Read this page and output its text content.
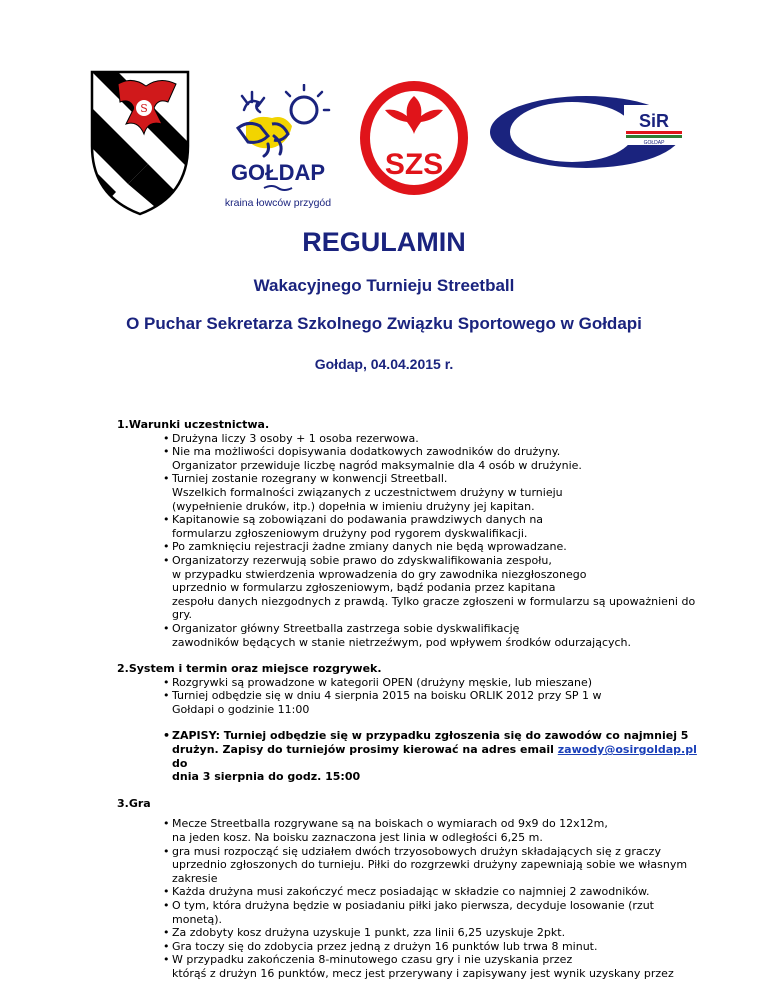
S
GOŁDAP
kraina łowców przygód
SZS
SiR
GOŁDAP
REGULAMIN
Wakacyjnego Turnieju Streetball
O Puchar Sekretarza Szkolnego Związku Sportowego w Gołdapi
Gołdap, 04.04.2015 r.

1.Warunki uczestnictwa.

• Drużyna liczy 3 osoby + 1 osoba rezerwowa.
• Nie ma możliwości dopisywania dodatkowych zawodników do drużyny.
Organizator przewiduje liczbę nagród maksymalnie dla 4 osób w drużynie.
• Turniej zostanie rozegrany w konwencji Streetball.
Wszelkich formalności związanych z uczestnictwem drużyny w turnieju
(wypełnienie druków, itp.) dopełnia w imieniu drużyny jej kapitan.
• Kapitanowie są zobowiązani do podawania prawdziwych danych na
formularzu zgłoszeniowym drużyny pod rygorem dyskwalifikacji.
• Po zamknięciu rejestracji żadne zmiany danych nie będą wprowadzane.
• Organizatorzy rezerwują sobie prawo do zdyskwalifikowania zespołu,
w przypadku stwierdzenia wprowadzenia do gry zawodnika niezgłoszonego
uprzednio w formularzu zgłoszeniowym, bądź podania przez kapitana
zespołu danych niezgodnych z prawdą. Tylko gracze zgłoszeni w formularzu są upoważnieni do
gry.
• Organizator główny Streetballa zastrzega sobie dyskwalifikację
zawodników będących w stanie nietrzeźwym, pod wpływem środków odurzających.

2.System i termin oraz miejsce rozgrywek.

• Rozgrywki są prowadzone w kategorii OPEN (drużyny męskie, lub mieszane)
• Turniej odbędzie się w dniu 4 sierpnia 2015 na boisku ORLIK 2012 przy SP 1 w
Gołdapi o godzinie 11:00
• ZAPISY: Turniej odbędzie się w przypadku zgłoszenia się do zawodów co najmniej 5
drużyn. Zapisy do turniejów prosimy kierować na adres email zawody@osirgoldap.pl do
dnia 3 sierpnia do godz. 15:00

3.Gra

• Mecze Streetballa rozgrywane są na boiskach o wymiarach od 9x9 do 12x12m,
na jeden kosz. Na boisku zaznaczona jest linia w odległości 6,25 m.
• gra musi rozpocząć się udziałem dwóch trzyosobowych drużyn składających się z graczy
uprzednio zgłoszonych do turnieju. Piłki do rozgrzewki drużyny zapewniają sobie we własnym
zakresie
• Każda drużyna musi zakończyć mecz posiadając w składzie co najmniej 2 zawodników.
• O tym, która drużyna będzie w posiadaniu piłki jako pierwsza, decyduje losowanie (rzut
monetą).
• Za zdobyty kosz drużyna uzyskuje 1 punkt, zza linii 6,25 uzyskuje 2pkt.
• Gra toczy się do zdobycia przez jedną z drużyn 16 punktów lub trwa 8 minut.
• W przypadku zakończenia 8-minutowego czasu gry i nie uzyskania przez
którąś z drużyn 16 punktów, mecz jest przerywany i zapisywany jest wynik uzyskany przez
